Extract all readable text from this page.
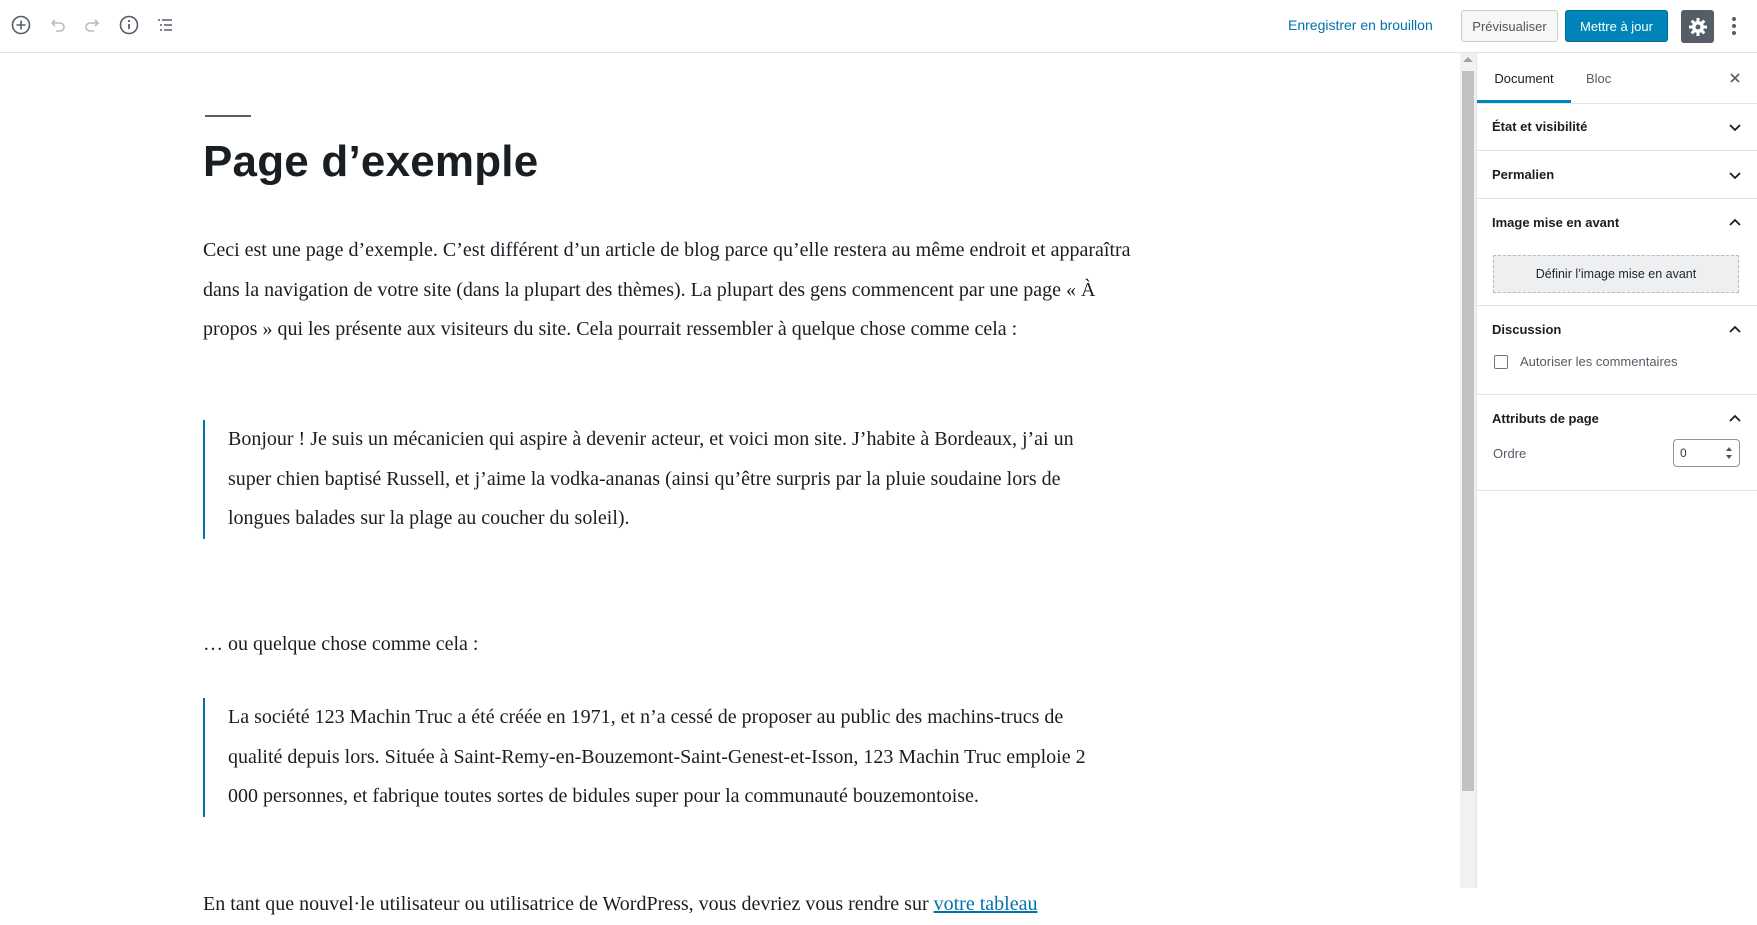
Enregistrer en brouillon	Prévisualiser	Mettre à jour
Page d’exemple
Ceci est une page d’exemple. C’est différent d’un article de blog parce qu’elle restera au même endroit et apparaîtra dans la navigation de votre site (dans la plupart des thèmes). La plupart des gens commencent par une page « À propos » qui les présente aux visiteurs du site. Cela pourrait ressembler à quelque chose comme cela :
Bonjour ! Je suis un mécanicien qui aspire à devenir acteur, et voici mon site. J’habite à Bordeaux, j’ai un super chien baptisé Russell, et j’aime la vodka-ananas (ainsi qu’être surpris par la pluie soudaine lors de longues balades sur la plage au coucher du soleil).
… ou quelque chose comme cela :
La société 123 Machin Truc a été créée en 1971, et n’a cessé de proposer au public des machins-trucs de qualité depuis lors. Située à Saint-Remy-en-Bouzemont-Saint-Genest-et-Isson, 123 Machin Truc emploie 2 000 personnes, et fabrique toutes sortes de bidules super pour la communauté bouzemontoise.
En tant que nouvel·le utilisateur ou utilisatrice de WordPress, vous devriez vous rendre sur votre tableau
Document	Bloc
État et visibilité
Permalien
Image mise en avant
Définir l’image mise en avant
Discussion
Autoriser les commentaires
Attributs de page
Ordre	0
